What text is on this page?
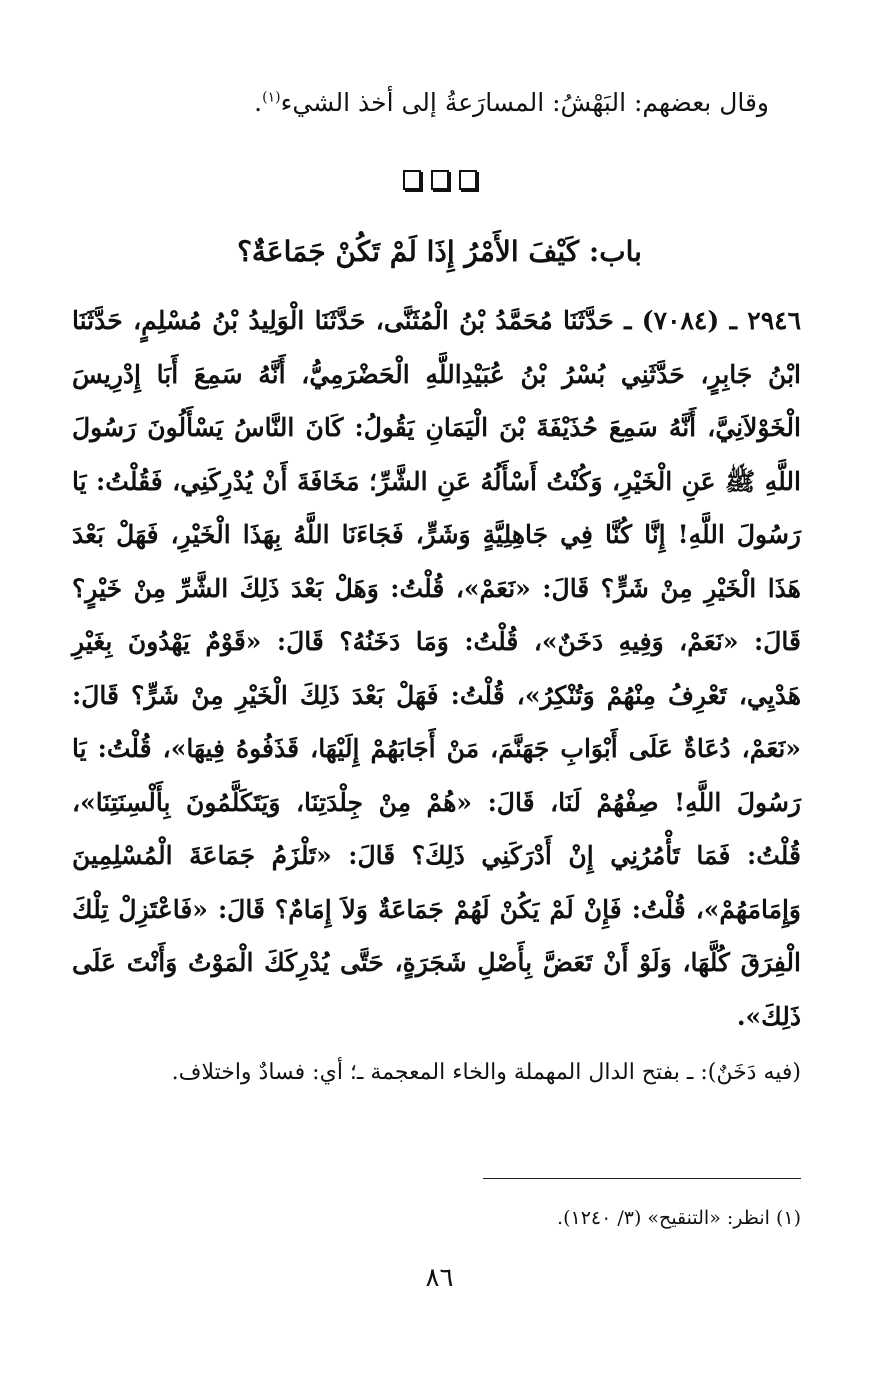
وقال بعضهم: البَهْشُ: المسارَعةُ إلى أخذ الشيء$^{(١)}$.
باب: كَيْفَ الأَمْرُ إِذَا لَمْ تَكُنْ جَمَاعَةٌ؟
٢٩٤٦ ـ (٧٠٨٤) ـ حَدَّثَنَا مُحَمَّدُ بْنُ الْمُثَنَّى، حَدَّثَنَا الْوَلِيدُ بْنُ مُسْلِمٍ، حَدَّثَنَا ابْنُ جَابِرٍ، حَدَّثَنِي بُسْرُ بْنُ عُبَيْدِاللَّهِ الْحَضْرَمِيُّ، أَنَّهُ سَمِعَ أَبَا إِدْرِيسَ الْخَوْلاَنِيَّ، أَنَّهُ سَمِعَ حُذَيْفَةَ بْنَ الْيَمَانِ يَقُولُ: كَانَ النَّاسُ يَسْأَلُونَ رَسُولَ اللَّهِ ﷺ عَنِ الْخَيْرِ، وَكُنْتُ أَسْأَلُهُ عَنِ الشَّرِّ؛ مَخَافَةَ أَنْ يُدْرِكَنِي، فَقُلْتُ: يَا رَسُولَ اللَّهِ! إِنَّا كُنَّا فِي جَاهِلِيَّةٍ وَشَرٍّ، فَجَاءَنَا اللَّهُ بِهَذَا الْخَيْرِ، فَهَلْ بَعْدَ هَذَا الْخَيْرِ مِنْ شَرٍّ؟ قَالَ: «نَعَمْ»، قُلْتُ: وَهَلْ بَعْدَ ذَلِكَ الشَّرِّ مِنْ خَيْرٍ؟ قَالَ: «نَعَمْ، وَفِيهِ دَخَنٌ»، قُلْتُ: وَمَا دَخَنُهُ؟ قَالَ: «قَوْمٌ يَهْدُونَ بِغَيْرِ هَدْيِي، تَعْرِفُ مِنْهُمْ وَتُنْكِرُ»، قُلْتُ: فَهَلْ بَعْدَ ذَلِكَ الْخَيْرِ مِنْ شَرٍّ؟ قَالَ: «نَعَمْ، دُعَاةٌ عَلَى أَبْوَابِ جَهَنَّمَ، مَنْ أَجَابَهُمْ إِلَيْهَا، قَذَفُوهُ فِيهَا»، قُلْتُ: يَا رَسُولَ اللَّهِ! صِفْهُمْ لَنَا، قَالَ: «هُمْ مِنْ جِلْدَتِنَا، وَيَتَكَلَّمُونَ بِأَلْسِنَتِنَا»، قُلْتُ: فَمَا تَأْمُرُنِي إِنْ أَدْرَكَنِي ذَلِكَ؟ قَالَ: «تَلْزَمُ جَمَاعَةَ الْمُسْلِمِينَ وَإِمَامَهُمْ»، قُلْتُ: فَإِنْ لَمْ يَكُنْ لَهُمْ جَمَاعَةٌ وَلاَ إِمَامٌ؟ قَالَ: «فَاعْتَزِلْ تِلْكَ الْفِرَقَ كُلَّهَا، وَلَوْ أَنْ تَعَضَّ بِأَصْلِ شَجَرَةٍ، حَتَّى يُدْرِكَكَ الْمَوْتُ وَأَنْتَ عَلَى ذَلِكَ».
(فيه دَخَنٌ): ـ بفتح الدال المهملة والخاء المعجمة ـ؛ أي: فسادٌ واختلاف.
(١) انظر: «التنقيح» (٣/ ١٢٤٠).
٨٦
